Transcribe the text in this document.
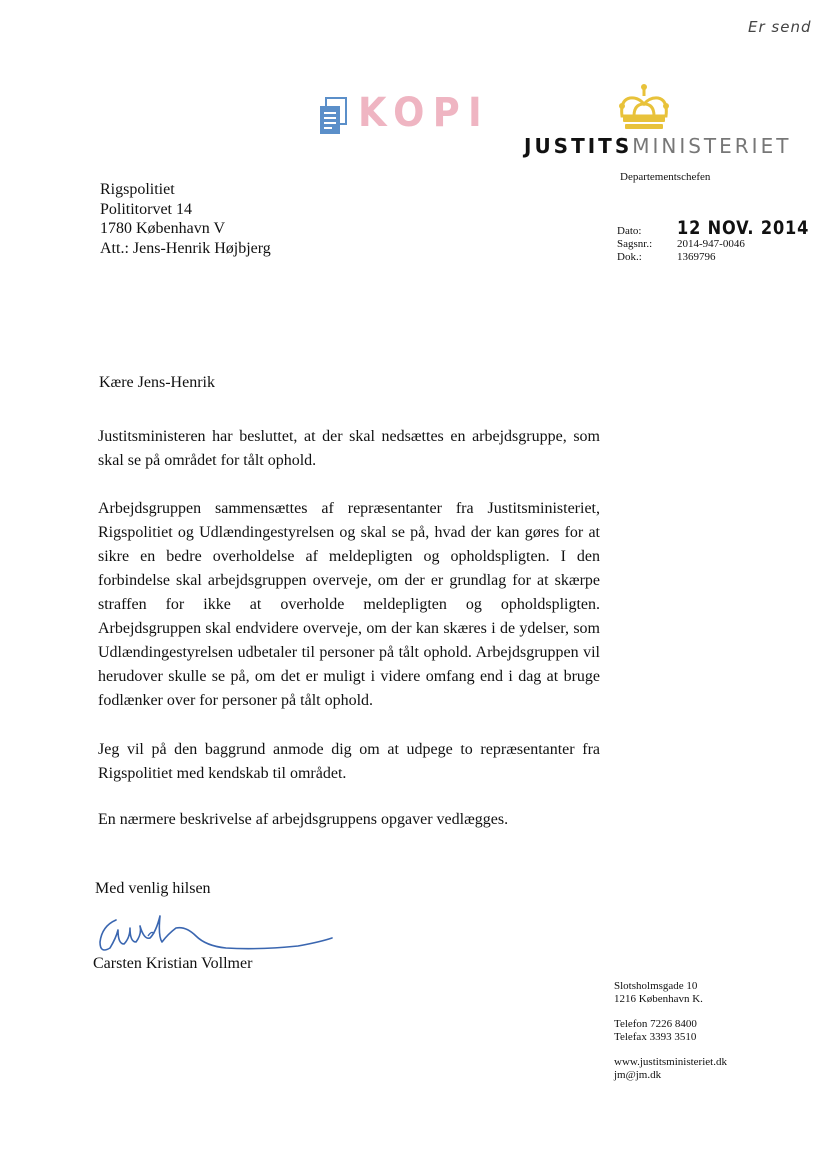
Er send
KOPI
JUSTITSMINISTERIET
Departementschefen
Rigspolitiet
Polititorvet 14
1780 København V
Att.: Jens-Henrik Højbjerg
Dato:	12 NOV. 2014
Sagsnr.:	2014-947-0046
Dok.:	1369796
Kære Jens-Henrik

Justitsministeren har besluttet, at der skal nedsættes en arbejdsgruppe, som skal se på området for tålt ophold.

Arbejdsgruppen sammensættes af repræsentanter fra Justitsministeriet, Rigspolitiet og Udlændingestyrelsen og skal se på, hvad der kan gøres for at sikre en bedre overholdelse af meldepligten og opholdspligten. I den forbindelse skal arbejdsgruppen overveje, om der er grundlag for at skærpe straffen for ikke at overholde meldepligten og opholdspligten. Arbejdsgruppen skal endvidere overveje, om der kan skæres i de ydelser, som Udlændingestyrelsen udbetaler til personer på tålt ophold. Arbejdsgruppen vil herudover skulle se på, om det er muligt i videre omfang end i dag at bruge fodlænker over for personer på tålt ophold.

Jeg vil på den baggrund anmode dig om at udpege to repræsentanter fra Rigspolitiet med kendskab til området.

En nærmere beskrivelse af arbejdsgruppens opgaver vedlægges.
Med venlig hilsen
Carsten Kristian Vollmer
Slotsholmsgade 10
1216 København K.
Telefon 7226 8400
Telefax 3393 3510
www.justitsministeriet.dk
jm@jm.dk
